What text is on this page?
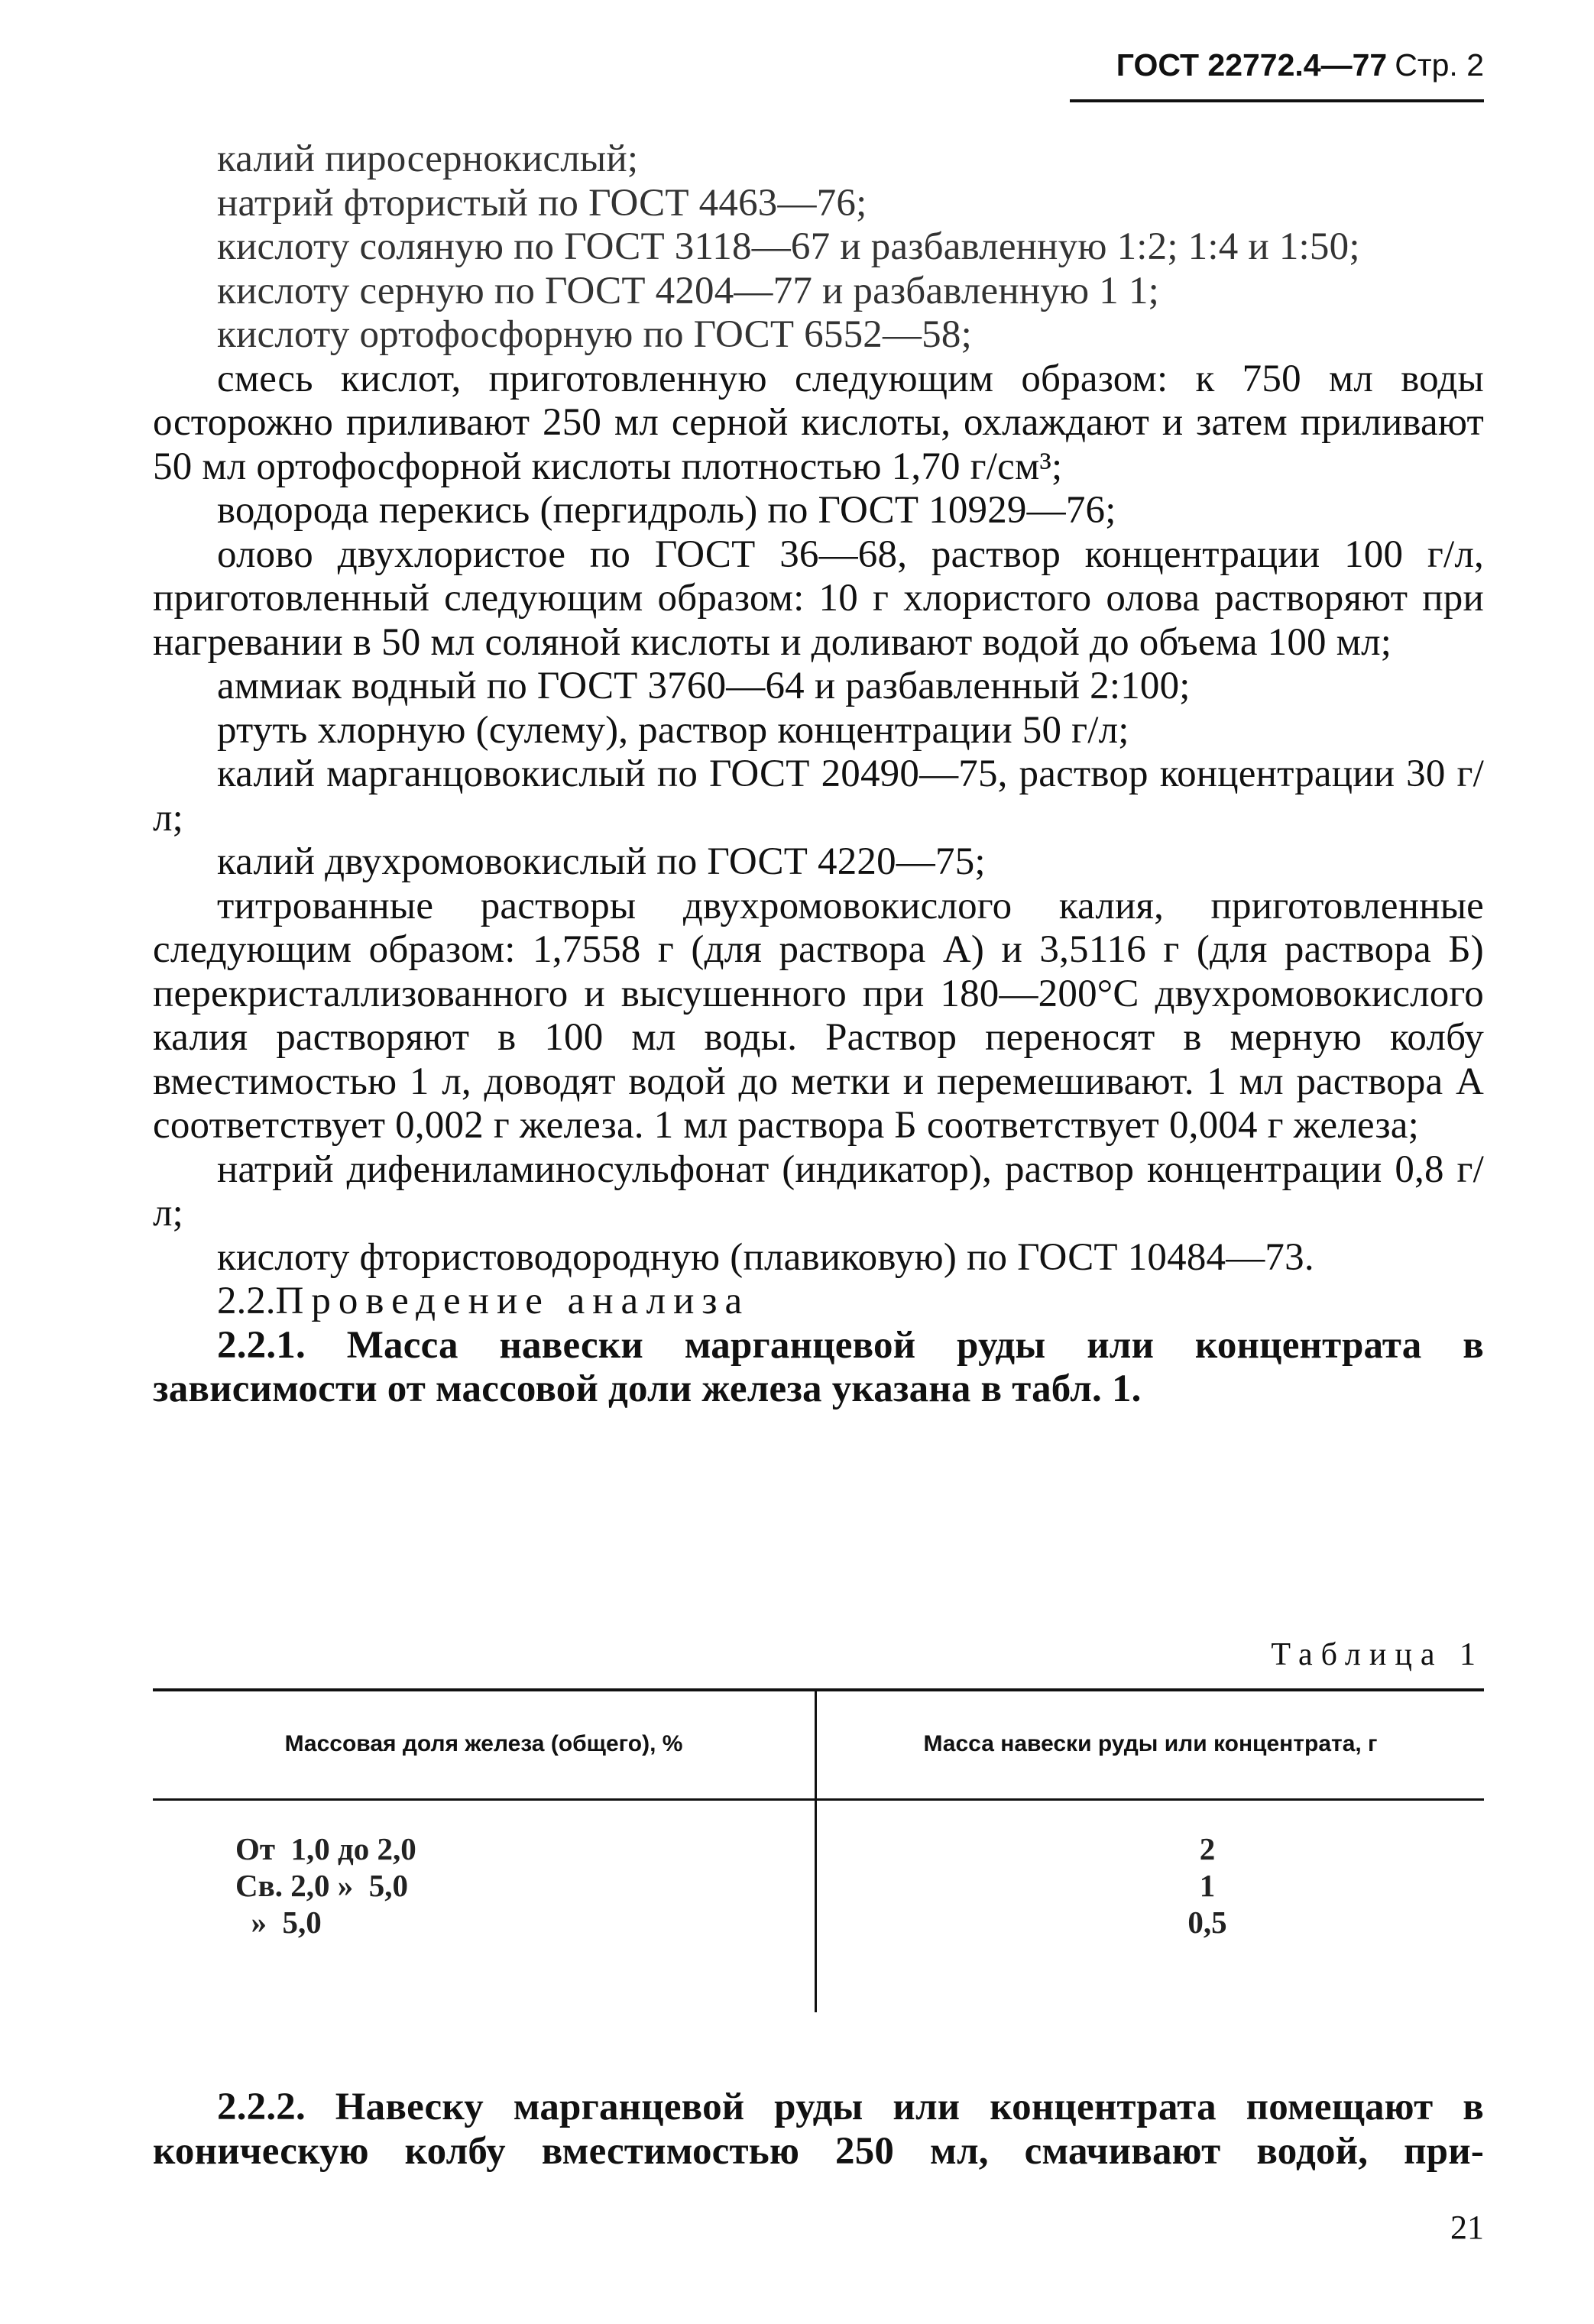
ГОСТ 22772.4—77 Стр. 2

калий пиросернокислый;

натрий фтористый по ГОСТ 4463—76;

кислоту соляную по ГОСТ 3118—67 и разбавленную 1:2; 1:4 и 1:50;

кислоту серную по ГОСТ 4204—77 и разбавленную 1 1;

кислоту ортофосфорную по ГОСТ 6552—58;

смесь кислот, приготовленную следующим образом: к 750 мл воды осторожно приливают 250 мл серной кислоты, охлаждают и затем приливают 50 мл ортофосфорной кислоты плотностью 1,70 г/см³;

водорода перекись (пергидроль) по ГОСТ 10929—76;

олово двухлористое по ГОСТ 36—68, раствор концентрации 100 г/л, приготовленный следующим образом: 10 г хлористого олова растворяют при нагревании в 50 мл соляной кислоты и доливают водой до объема 100 мл;

аммиак водный по ГОСТ 3760—64 и разбавленный 2:100;

ртуть хлорную (сулему), раствор концентрации 50 г/л;

калий марганцовокислый по ГОСТ 20490—75, раствор концентрации 30 г/л;

калий двухромовокислый по ГОСТ 4220—75;

титрованные растворы двухромовокислого калия, приготовленные следующим образом: 1,7558 г (для раствора А) и 3,5116 г (для раствора Б) перекристаллизованного и высушенного при 180—200°С двухромовокислого калия растворяют в 100 мл воды. Раствор переносят в мерную колбу вместимостью 1 л, доводят водой до метки и перемешивают. 1 мл раствора А соответствует 0,002 г железа. 1 мл раствора Б соответствует 0,004 г железа;

натрий дифениламиносульфонат (индикатор), раствор концентрации 0,8 г/л;

кислоту фтористоводородную (плавиковую) по ГОСТ 10484—73.

2.2.Проведение анализа

2.2.1. Масса навески марганцевой руды или концентрата в зависимости от массовой доли железа указана в табл. 1.

Таблица 1
Массовая доля железа (общего), %	Масса навески руды или концентрата, г
От  1,0 до 2,0
Св. 2,0 »  5,0
»  5,0
2
1
0,5

2.2.2. Навеску марганцевой руды или концентрата помещают в коническую колбу вместимостью 250 мл, смачивают водой, при-

21
